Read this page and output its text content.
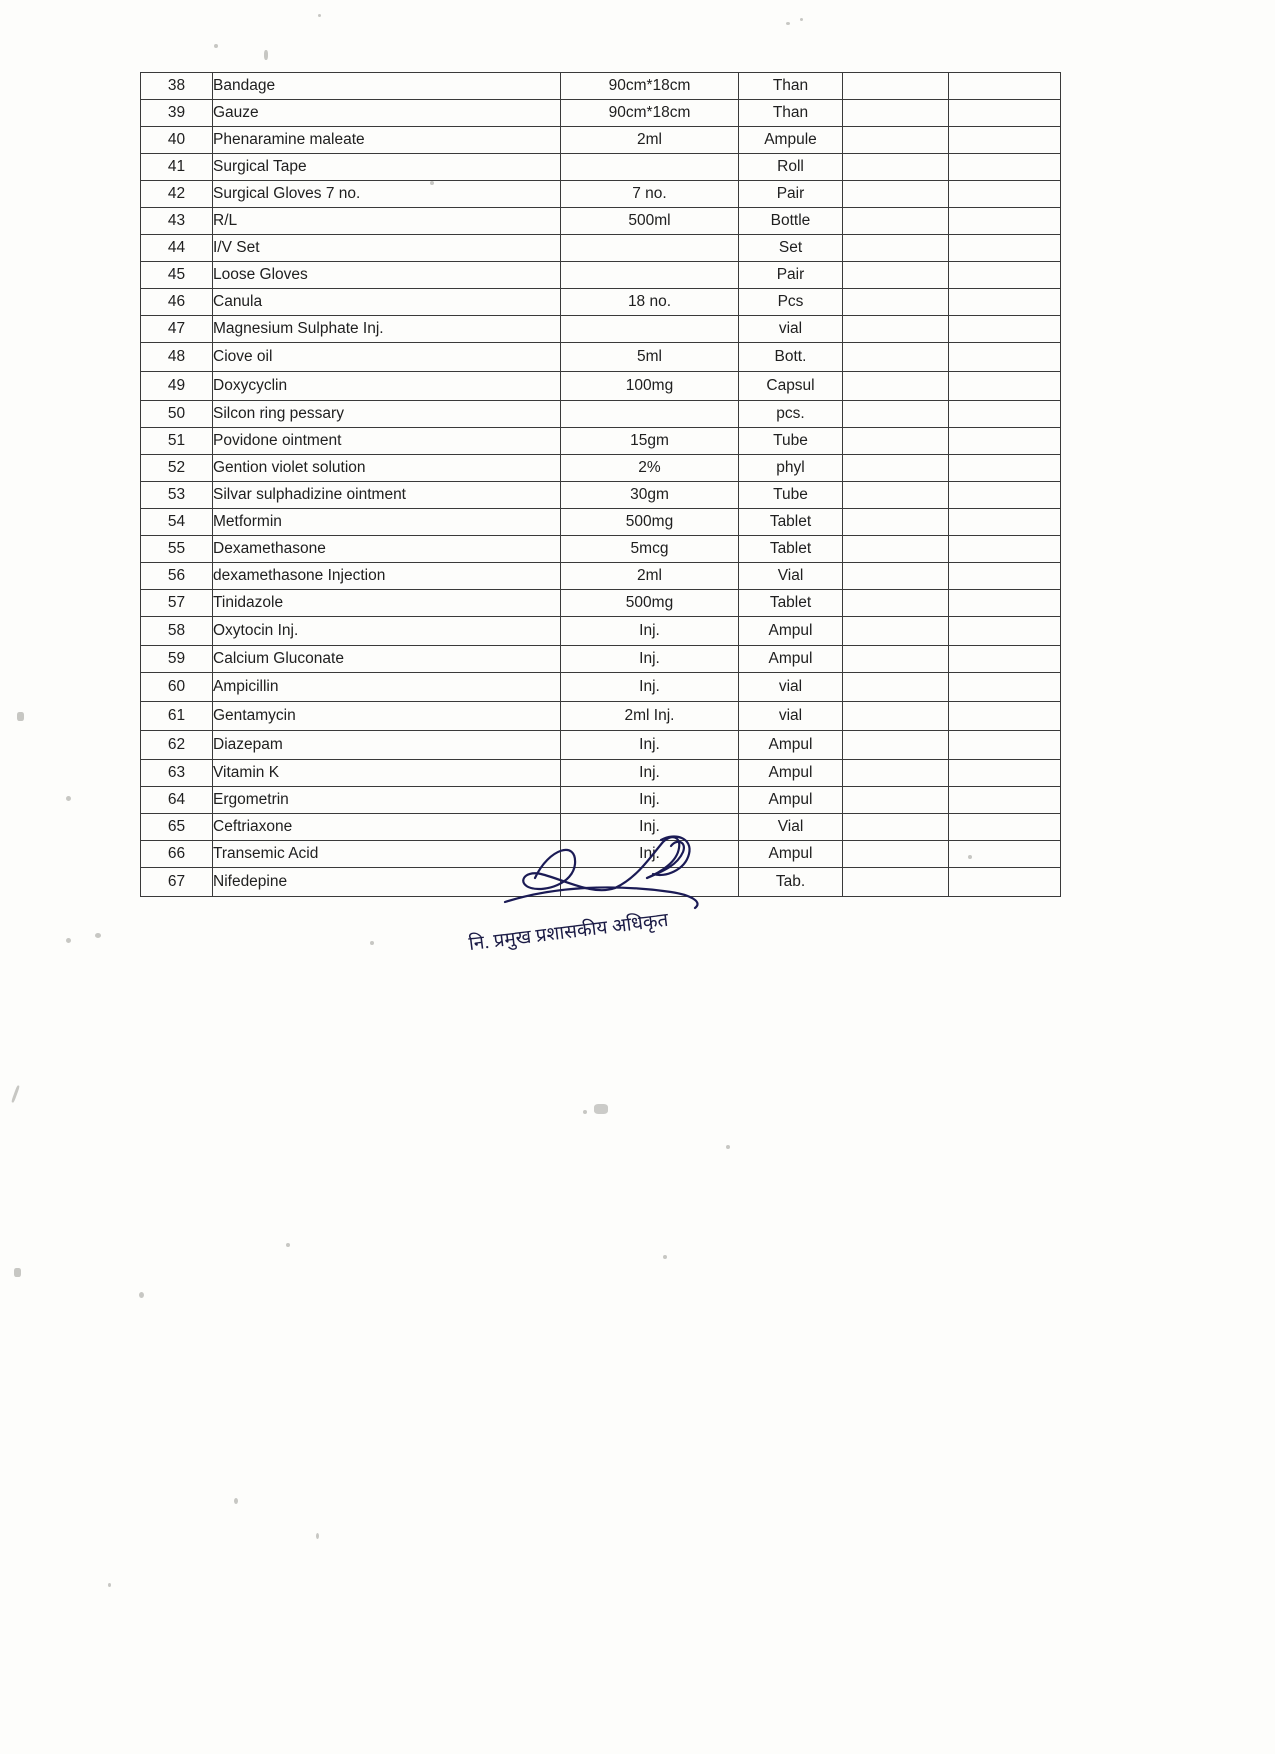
38	Bandage	90cm*18cm	Than		
39	Gauze	90cm*18cm	Than		
40	Phenaramine maleate	2ml	Ampule		
41	Surgical Tape		Roll		
42	Surgical Gloves 7 no.	7 no.	Pair		
43	R/L	500ml	Bottle		
44	I/V Set		Set		
45	Loose Gloves		Pair		
46	Canula	18 no.	Pcs		
47	Magnesium Sulphate Inj.		vial		
48	Ciove oil	5ml	Bott.		
49	Doxycyclin	100mg	Capsul		
50	Silcon ring pessary		pcs.		
51	Povidone ointment	15gm	Tube		
52	Gention violet solution	2%	phyl		
53	Silvar sulphadizine ointment	30gm	Tube		
54	Metformin	500mg	Tablet		
55	Dexamethasone	5mcg	Tablet		
56	dexamethasone Injection	2ml	Vial		
57	Tinidazole	500mg	Tablet		
58	Oxytocin Inj.	Inj.	Ampul		
59	Calcium Gluconate	Inj.	Ampul		
60	Ampicillin	Inj.	vial		
61	Gentamycin	2ml Inj.	vial		
62	Diazepam	Inj.	Ampul		
63	Vitamin K	Inj.	Ampul		
64	Ergometrin	Inj.	Ampul		
65	Ceftriaxone	Inj.	Vial		
66	Transemic Acid	Inj.	Ampul		
67	Nifedepine		Tab.		
नि. प्रमुख प्रशासकीय अधिकृत
